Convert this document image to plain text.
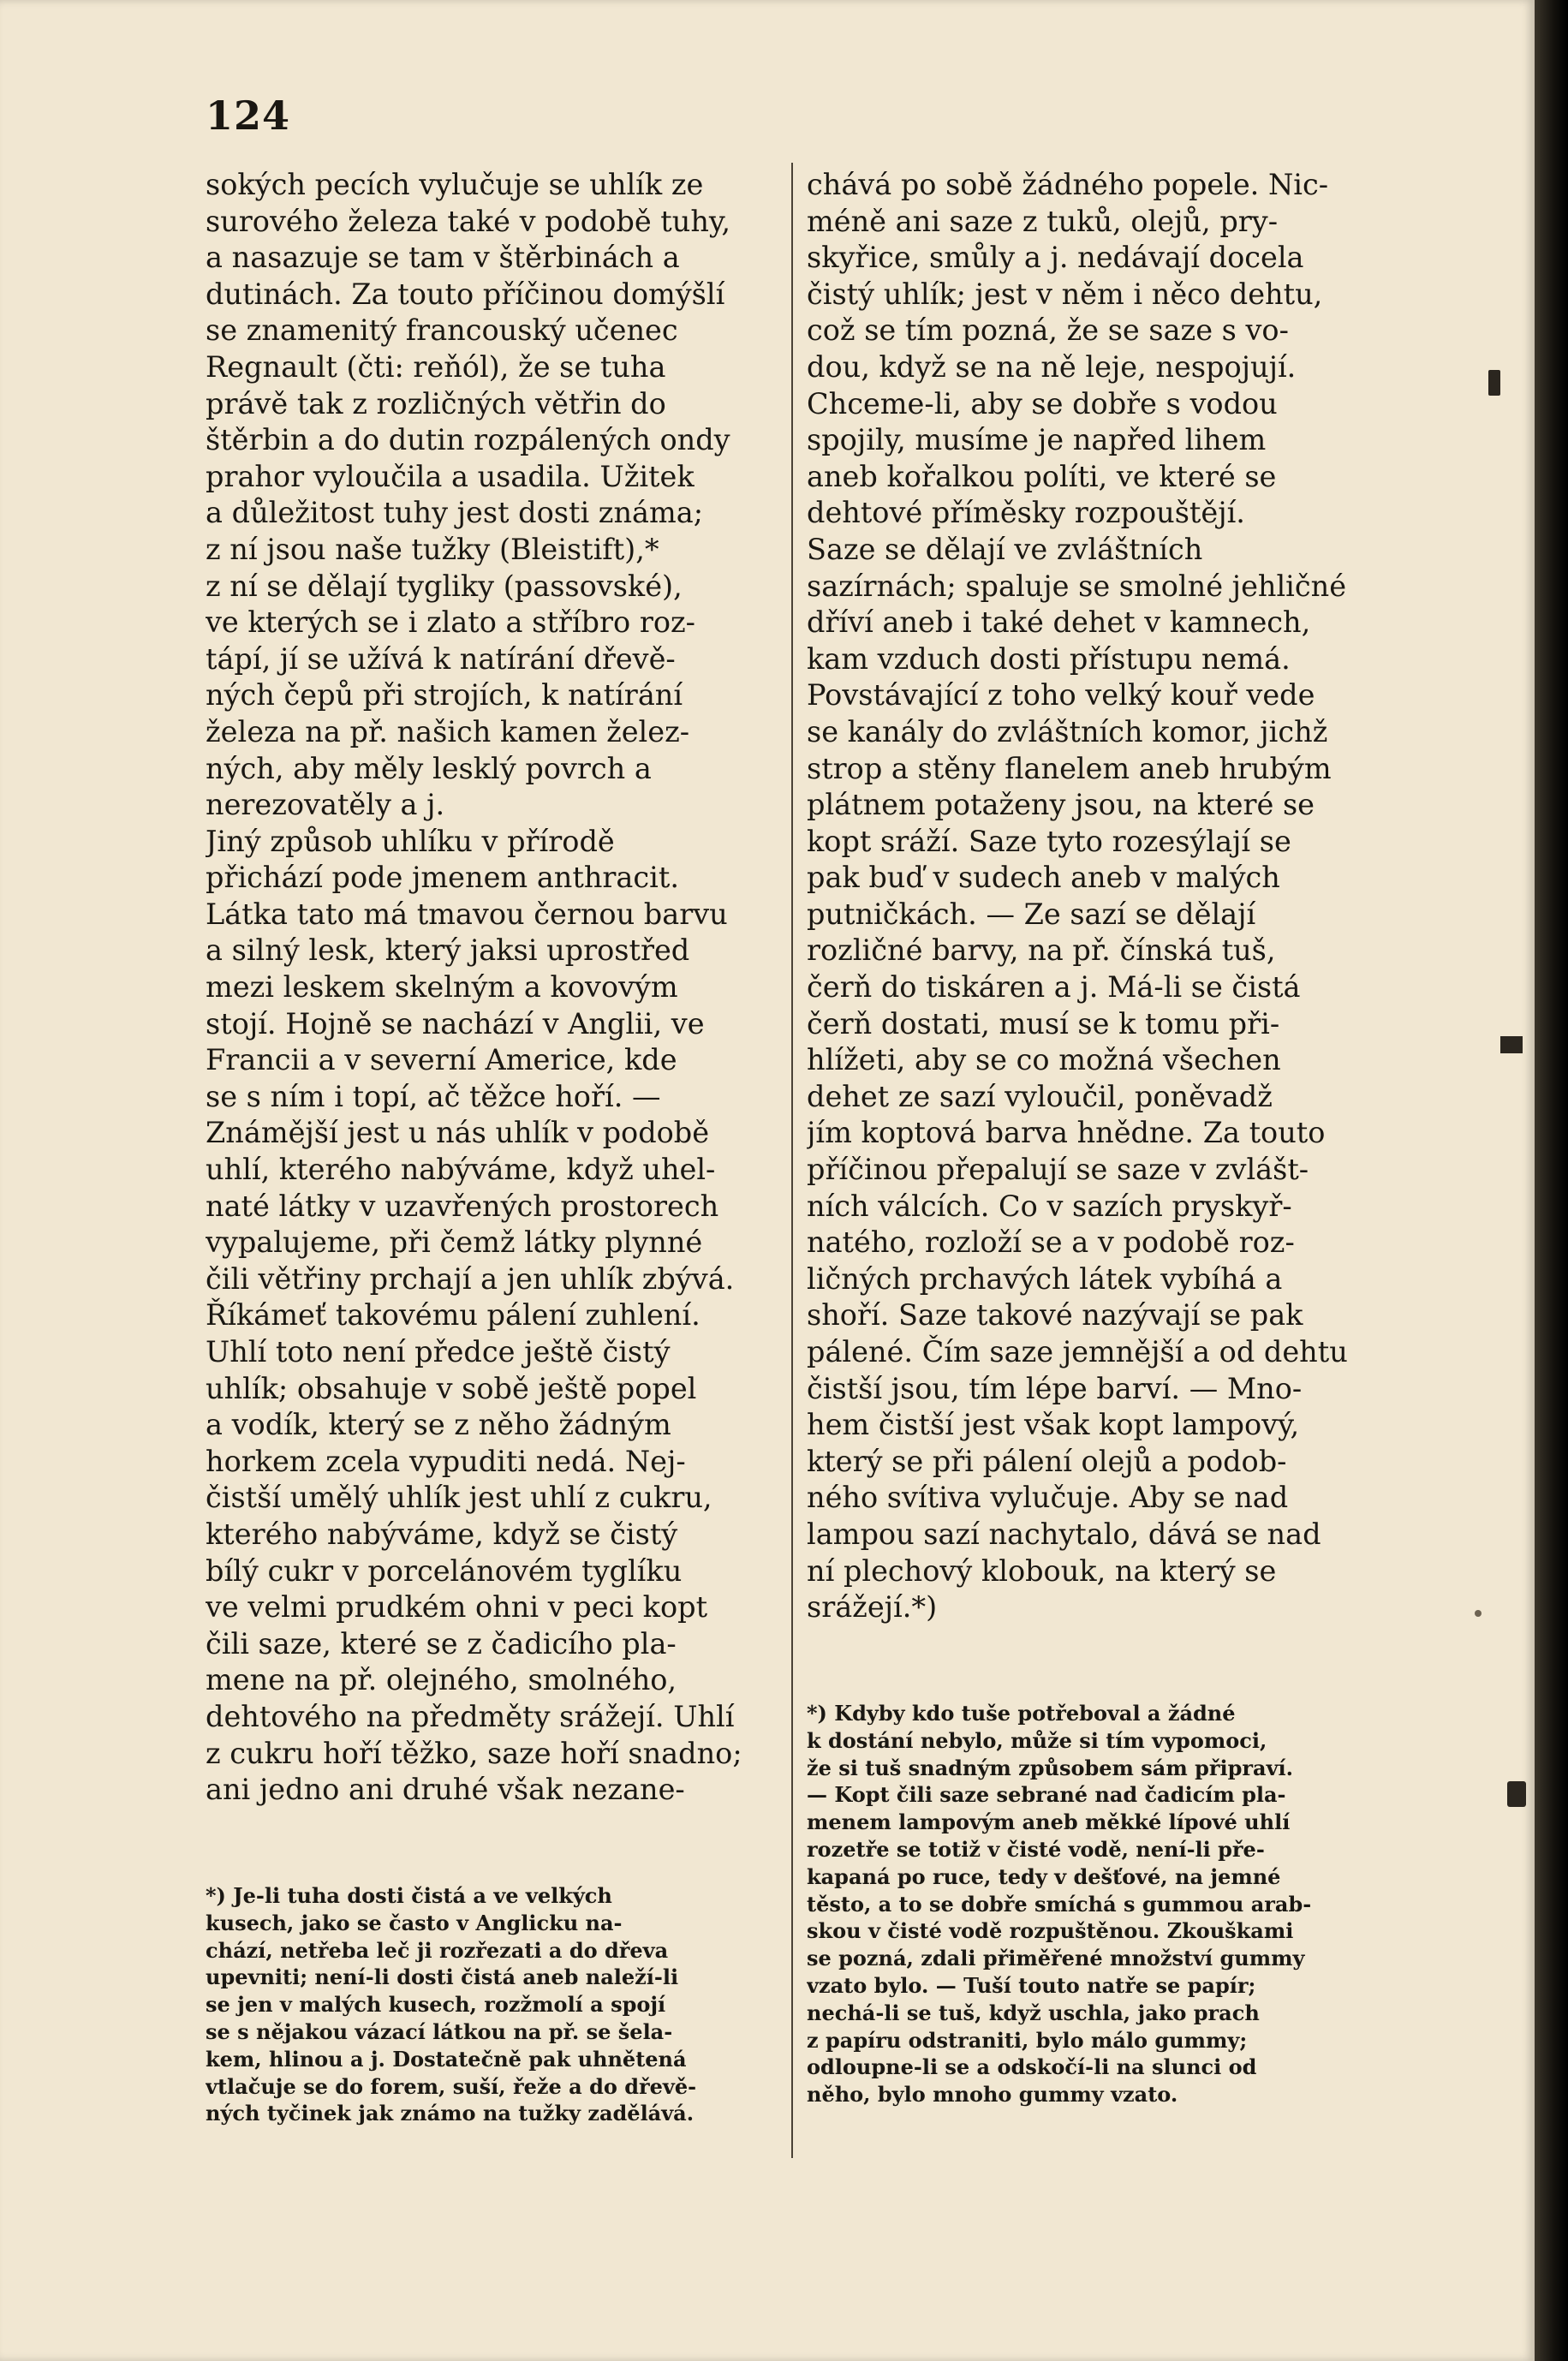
124
sokých pecích vylučuje se uhlík ze
surového železa také v podobě tuhy,
a nasazuje se tam v štěrbinách a
dutinách. Za touto příčinou domýšlí
se znamenitý francouský učenec
Regnault (čti: reňól), že se tuha
právě tak z rozličných větřin do
štěrbin a do dutin rozpálených ondy
prahor vyloučila a usadila. Užitek
a důležitost tuhy jest dosti známa;
z ní jsou naše tužky (Bleistift),*
z ní se dělají tygliky (passovské),
ve kterých se i zlato a stříbro roz-
tápí, jí se užívá k natírání dřevě-
ných čepů při strojích, k natírání
železa na př. našich kamen želez-
ných, aby měly lesklý povrch a
nerezovatěly a j.
Jiný způsob uhlíku v přírodě
přichází pode jmenem anthracit.
Látka tato má tmavou černou barvu
a silný lesk, který jaksi uprostřed
mezi leskem skelným a kovovým
stojí. Hojně se nachází v Anglii, ve
Francii a v severní Americe, kde
se s ním i topí, ač těžce hoří. —
Známější jest u nás uhlík v podobě
uhlí, kterého nabýváme, když uhel-
naté látky v uzavřených prostorech
vypalujeme, při čemž látky plynné
čili větřiny prchají a jen uhlík zbývá.
Říkámeť takovému pálení zuhlení.
Uhlí toto není předce ještě čistý
uhlík; obsahuje v sobě ještě popel
a vodík, který se z něho žádným
horkem zcela vypuditi nedá. Nej-
čistší umělý uhlík jest uhlí z cukru,
kterého nabýváme, když se čistý
bílý cukr v porcelánovém tyglíku
ve velmi prudkém ohni v peci kopt
čili saze, které se z čadicího pla-
mene na př. olejného, smolného,
dehtového na předměty srážejí. Uhlí
z cukru hoří těžko, saze hoří snadno;
ani jedno ani druhé však nezane-
chává po sobě žádného popele. Nic-
méně ani saze z tuků, olejů, pry-
skyřice, smůly a j. nedávají docela
čistý uhlík; jest v něm i něco dehtu,
což se tím pozná, že se saze s vo-
dou, když se na ně leje, nespojují.
Chceme-li, aby se dobře s vodou
spojily, musíme je napřed lihem
aneb kořalkou políti, ve které se
dehtové příměsky rozpouštějí.
Saze se dělají ve zvláštních
sazírnách; spaluje se smolné jehličné
dříví aneb i také dehet v kamnech,
kam vzduch dosti přístupu nemá.
Povstávající z toho velký kouř vede
se kanály do zvláštních komor, jichž
strop a stěny flanelem aneb hrubým
plátnem potaženy jsou, na které se
kopt sráží. Saze tyto rozesýlají se
pak buď v sudech aneb v malých
putničkách. — Ze sazí se dělají
rozličné barvy, na př. čínská tuš,
čerň do tiskáren a j. Má-li se čistá
čerň dostati, musí se k tomu při-
hlížeti, aby se co možná všechen
dehet ze sazí vyloučil, poněvadž
jím koptová barva hnědne. Za touto
příčinou přepalují se saze v zvlášt-
ních válcích. Co v sazích pryskyř-
natého, rozloží se a v podobě roz-
ličných prchavých látek vybíhá a
shoří. Saze takové nazývají se pak
pálené. Čím saze jemnější a od dehtu
čistší jsou, tím lépe barví. — Mno-
hem čistší jest však kopt lampový,
který se při pálení olejů a podob-
ného svítiva vylučuje. Aby se nad
lampou sazí nachytalo, dává se nad
ní plechový klobouk, na který se
srážejí.*)
*) Je-li tuha dosti čistá a ve velkých
kusech, jako se často v Anglicku na-
chází, netřeba leč ji rozřezati a do dřeva
upevniti; není-li dosti čistá aneb naleží-li
se jen v malých kusech, rozžmolí a spojí
se s nějakou vázací látkou na př. se šela-
kem, hlinou a j. Dostatečně pak uhnětená
vtlačuje se do forem, suší, řeže a do dřevě-
ných tyčinek jak známo na tužky zadělává.
*) Kdyby kdo tuše potřeboval a žádné
k dostání nebylo, může si tím vypomoci,
že si tuš snadným způsobem sám připraví.
— Kopt čili saze sebrané nad čadicím pla-
menem lampovým aneb měkké lípové uhlí
rozetře se totiž v čisté vodě, není-li pře-
kapaná po ruce, tedy v dešťové, na jemné
těsto, a to se dobře smíchá s gummou arab-
skou v čisté vodě rozpuštěnou. Zkouškami
se pozná, zdali přiměřené množství gummy
vzato bylo. — Tuší touto natře se papír;
nechá-li se tuš, když uschla, jako prach
z papíru odstraniti, bylo málo gummy;
odloupne-li se a odskočí-li na slunci od
něho, bylo mnoho gummy vzato.
